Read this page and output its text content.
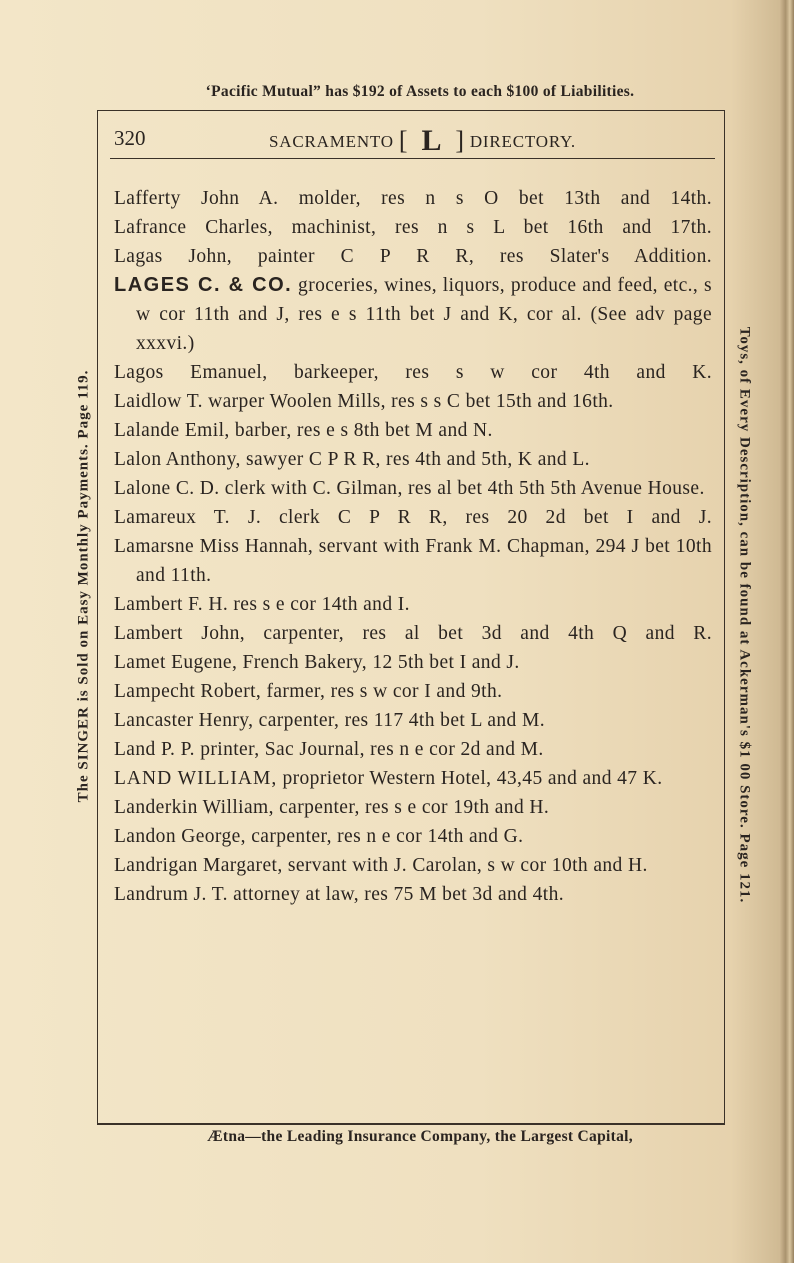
‘Pacific Mutual” has $192 of Assets to each $100 of Liabilities.
320	SACRAMENTO [ L ] DIRECTORY.

Lafferty John A. molder, res n s O bet 13th and 14th.

Lafrance Charles, machinist, res n s L bet 16th and 17th.

Lagas John, painter C P R R, res Slater's Addition.

LAGES C. & CO. groceries, wines, liquors, produce and feed, etc., s w cor 11th and J, res e s 11th bet J and K, cor al. (See adv page xxxvi.)

Lagos Emanuel, barkeeper, res s w cor 4th and K.

Laidlow T. warper Woolen Mills, res s s C bet 15th and 16th.

Lalande Emil, barber, res e s 8th bet M and N.

Lalon Anthony, sawyer C P R R, res 4th and 5th, K and L.

Lalone C. D. clerk with C. Gilman, res al bet 4th 5th 5th Avenue House.

Lamareux T. J. clerk C P R R, res 20 2d bet I and J.

Lamarsne Miss Hannah, servant with Frank M. Chapman, 294 J bet 10th and 11th.

Lambert F. H. res s e cor 14th and I.

Lambert John, carpenter, res al bet 3d and 4th Q and R.

Lamet Eugene, French Bakery, 12 5th bet I and J.

Lampecht Robert, farmer, res s w cor I and 9th.

Lancaster Henry, carpenter, res 117 4th bet L and M.

Land P. P. printer, Sac Journal, res n e cor 2d and M.

LAND WILLIAM, proprietor Western Hotel, 43,45 and and 47 K.

Landerkin William, carpenter, res s e cor 19th and H.

Landon George, carpenter, res n e cor 14th and G.

Landrigan Margaret, servant with J. Carolan, s w cor 10th and H.

Landrum J. T. attorney at law, res 75 M bet 3d and 4th.

Ætna—the Leading Insurance Company, the Largest Capital,
The SINGER is Sold on Easy Monthly Payments. Page 119.	Toys, of Every Description, can be found at Ackerman's $1 00 Store. Page 121.
